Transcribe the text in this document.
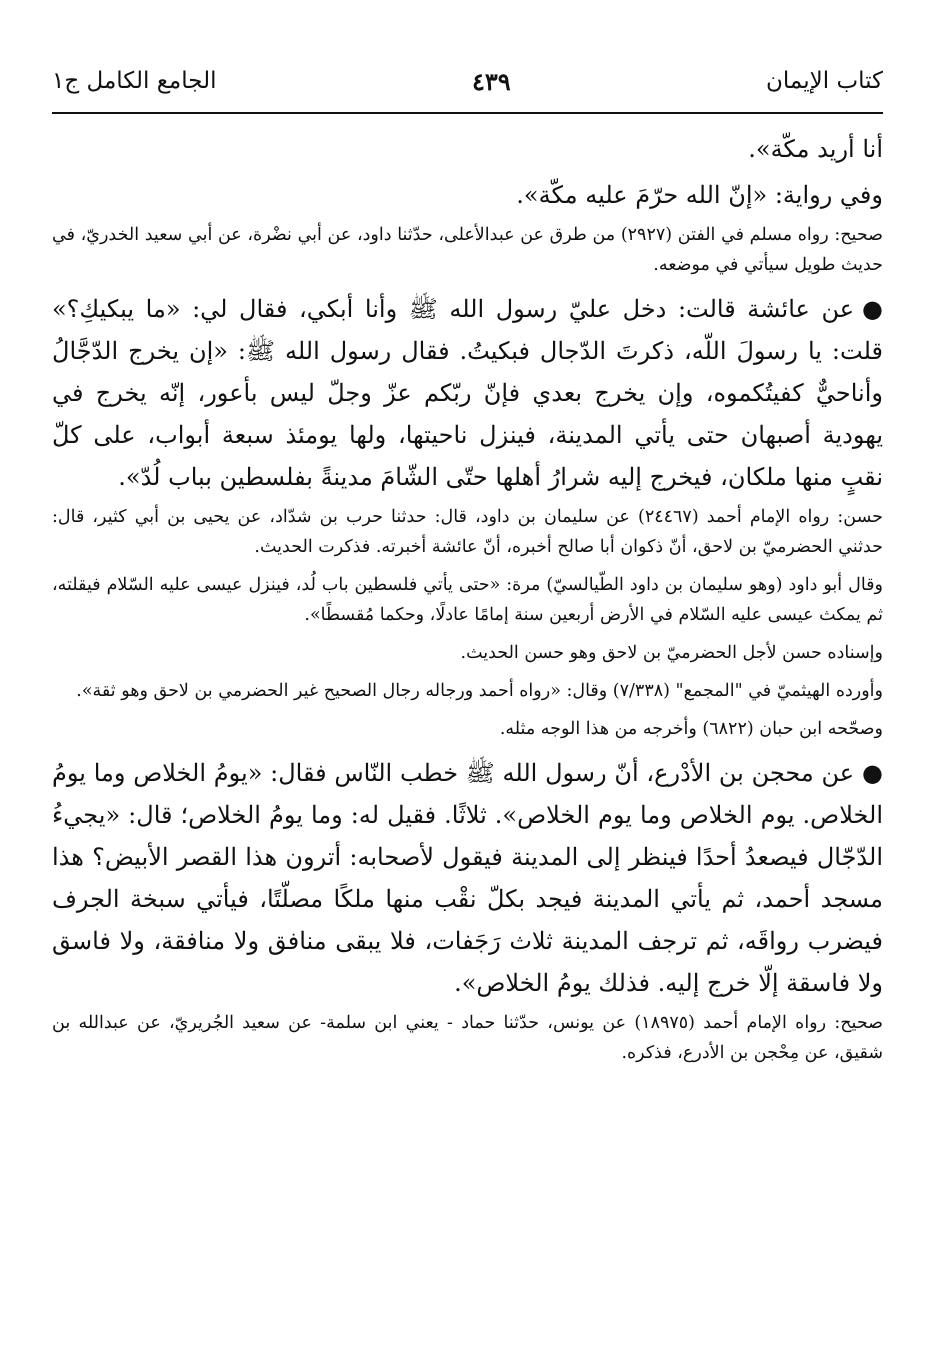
كتاب الإيمان
٤٣٩
الجامع الكامل ج١

أنا أريد مكّة».

وفي رواية: «إنّ الله حرّمَ عليه مكّة».

صحيح: رواه مسلم في الفتن (٢٩٢٧) من طرق عن عبدالأعلى، حدّثنا داود، عن أبي نضْرة، عن أبي سعيد الخدريّ، في حديث طويل سيأتي في موضعه.

●عن عائشة قالت: دخل عليّ رسول الله ﷺ وأنا أبكي، فقال لي: «ما يبكيكِ؟» قلت: يا رسولَ اللّه، ذكرتَ الدّجال فبكيتُ. فقال رسول الله ﷺ: «إن يخرج الدّجَّالُ وأناحيٌّ كفيتُكموه، وإن يخرج بعدي فإنّ ربّكم عزّ وجلّ ليس بأعور، إنّه يخرج في يهودية أصبهان حتى يأتي المدينة، فينزل ناحيتها، ولها يومئذ سبعة أبواب، على كلّ نقبٍ منها ملكان، فيخرج إليه شرارُ أهلها حتّى الشّامَ مدينةً بفلسطين بباب لُدّ».

حسن: رواه الإمام أحمد (٢٤٤٦٧) عن سليمان بن داود، قال: حدثنا حرب بن شدّاد، عن يحيى بن أبي كثير، قال: حدثني الحضرميّ بن لاحق، أنّ ذكوان أبا صالح أخبره، أنّ عائشة أخبرته. فذكرت الحديث.

وقال أبو داود (وهو سليمان بن داود الطّيالسيّ) مرة: «حتى يأتي فلسطين باب لُد، فينزل عيسى عليه السّلام فيقلته، ثم يمكث عيسى عليه السّلام في الأرض أربعين سنة إمامًا عادلًا، وحكما مُقسطًا».

وإسناده حسن لأجل الحضرميّ بن لاحق وهو حسن الحديث.

وأورده الهيثميّ في "المجمع" (٧/٣٣٨) وقال: «رواه أحمد ورجاله رجال الصحيح غير الحضرمي بن لاحق وهو ثقة».

وصحّحه ابن حبان (٦٨٢٢) وأخرجه من هذا الوجه مثله.

●عن محجن بن الأدْرع، أنّ رسول الله ﷺ خطب النّاس فقال: «يومُ الخلاص وما يومُ الخلاص. يوم الخلاص وما يوم الخلاص». ثلاثًا. فقيل له: وما يومُ الخلاص؛ قال: «يجيءُ الدّجّال فيصعدُ أحدًا فينظر إلى المدينة فيقول لأصحابه: أترون هذا القصر الأبيض؟ هذا مسجد أحمد، ثم يأتي المدينة فيجد بكلّ نقْب منها ملكًا مصلّتًا، فيأتي سبخة الجرف فيضرب رواقَه، ثم ترجف المدينة ثلاث رَجَفات، فلا يبقى منافق ولا منافقة، ولا فاسق ولا فاسقة إلّا خرج إليه. فذلك يومُ الخلاص».

صحيح: رواه الإمام أحمد (١٨٩٧٥) عن يونس، حدّثنا حماد - يعني ابن سلمة- عن سعيد الجُريريّ، عن عبدالله بن شقيق، عن مِحْجن بن الأدرع، فذكره.
